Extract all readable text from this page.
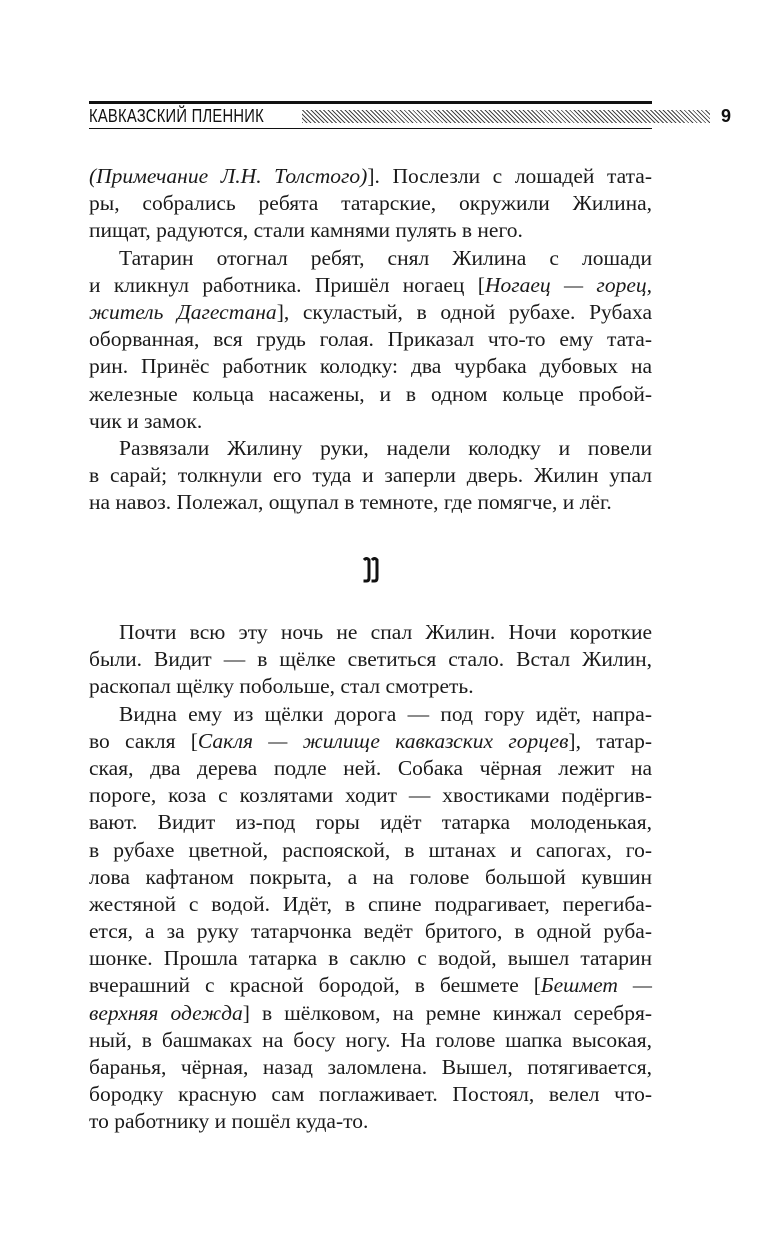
КАВКАЗСКИЙ ПЛЕННИК	9
(Примечание Л.Н. Толстого)]. Послезли с лошадей тата-
ры, собрались ребята татарские, окружили Жилина,
пищат, радуются, стали камнями пулять в него.
Татарин отогнал ребят, снял Жилина с лошади
и кликнул работника. Пришёл ногаец [Ногаец — горец,
житель Дагестана], скуластый, в одной рубахе. Рубаха
оборванная, вся грудь голая. Приказал что-то ему тата-
рин. Принёс работник колодку: два чурбака дубовых на
железные кольца насажены, и в одном кольце пробой-
чик и замок.
Развязали Жилину руки, надели колодку и повели
в сарай; толкнули его туда и заперли дверь. Жилин упал
на навоз. Полежал, ощупал в темноте, где помягче, и лёг.
Почти всю эту ночь не спал Жилин. Ночи короткие
были. Видит — в щёлке светиться стало. Встал Жилин,
раскопал щёлку побольше, стал смотреть.
Видна ему из щёлки дорога — под гору идёт, напра-
во сакля [Сакля — жилище кавказских горцев], татар-
ская, два дерева подле ней. Собака чёрная лежит на
пороге, коза с козлятами ходит — хвостиками подёргив-
вают. Видит из-под горы идёт татарка молоденькая,
в рубахе цветной, распояской, в штанах и сапогах, го-
лова кафтаном покрыта, а на голове большой кувшин
жестяной с водой. Идёт, в спине подрагивает, перегиба-
ется, а за руку татарчонка ведёт бритого, в одной руба-
шонке. Прошла татарка в саклю с водой, вышел татарин
вчерашний с красной бородой, в бешмете [Бешмет —
верхняя одежда] в шёлковом, на ремне кинжал серебря-
ный, в башмаках на босу ногу. На голове шапка высокая,
баранья, чёрная, назад заломлена. Вышел, потягивается,
бородку красную сам поглаживает. Постоял, велел что-
то работнику и пошёл куда-то.
